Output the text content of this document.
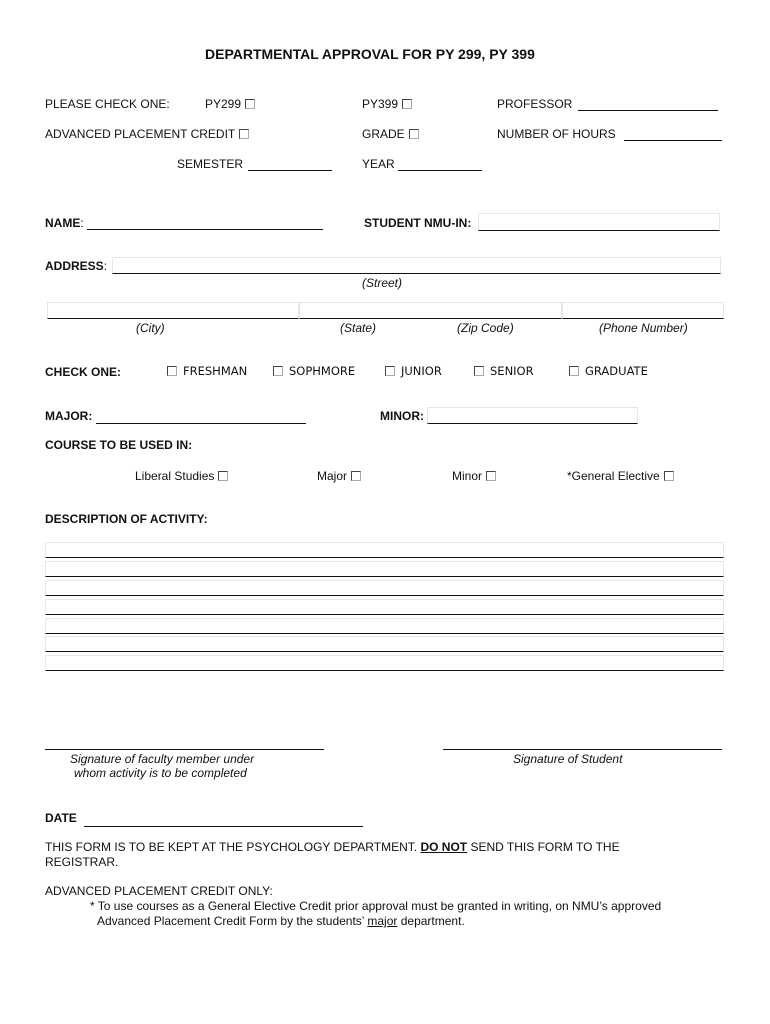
DEPARTMENTAL APPROVAL FOR PY 299, PY 399
PLEASE CHECK ONE:	PY299	PY399	PROFESSOR
ADVANCED PLACEMENT CREDIT	GRADE	NUMBER OF HOURS
SEMESTER	YEAR
NAME:	STUDENT NMU-IN:
ADDRESS:
(Street)
(City)	(State)	(Zip Code)	(Phone Number)
CHECK ONE:	FRESHMAN	SOPHMORE	JUNIOR	SENIOR	GRADUATE
MAJOR:	MINOR:
COURSE TO BE USED IN:
Liberal Studies	Major	Minor	*General Elective
DESCRIPTION OF ACTIVITY:
Signature of faculty member under
whom activity is to be completed
Signature of Student
DATE
THIS FORM IS TO BE KEPT AT THE PSYCHOLOGY DEPARTMENT. DO NOT SEND THIS FORM TO THE
REGISTRAR.
ADVANCED PLACEMENT CREDIT ONLY:
* To use courses as a General Elective Credit prior approval must be granted in writing, on NMU’s approved
Advanced Placement Credit Form by the students’ major department.
